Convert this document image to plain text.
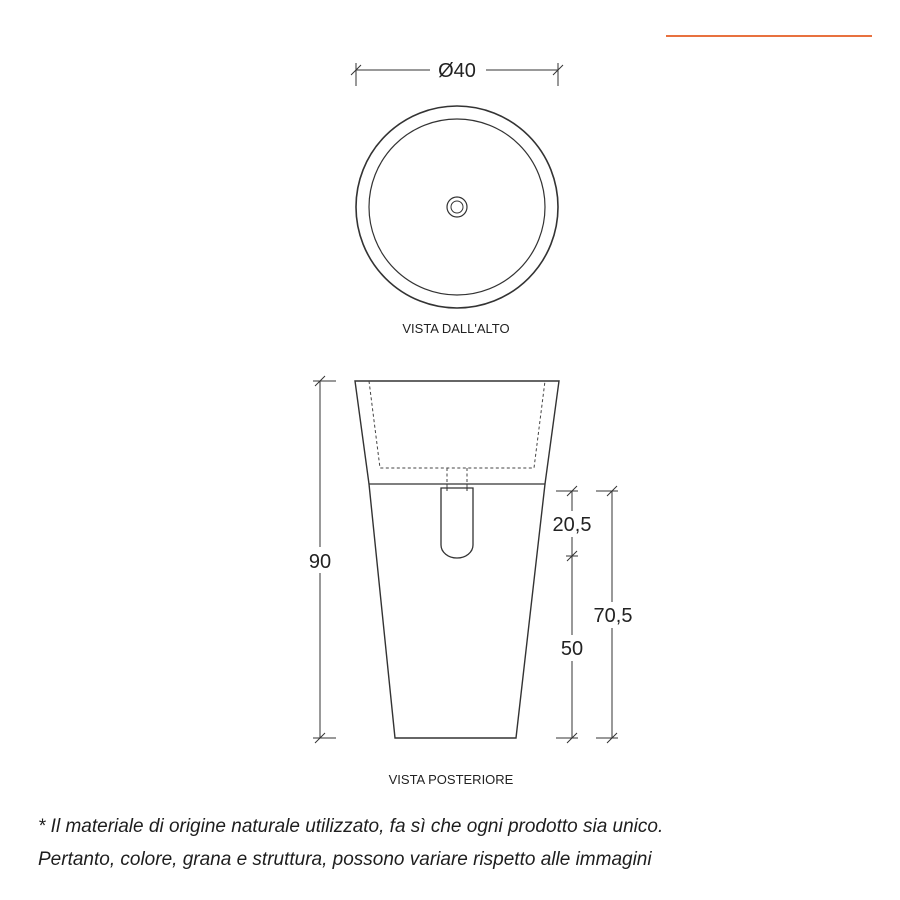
Ø40
VISTA DALL'ALTO
90
20,5
50
70,5
VISTA POSTERIORE
* Il materiale di origine naturale utilizzato, fa sì che ogni prodotto sia unico.
Pertanto, colore, grana e struttura, possono variare rispetto alle immagini
